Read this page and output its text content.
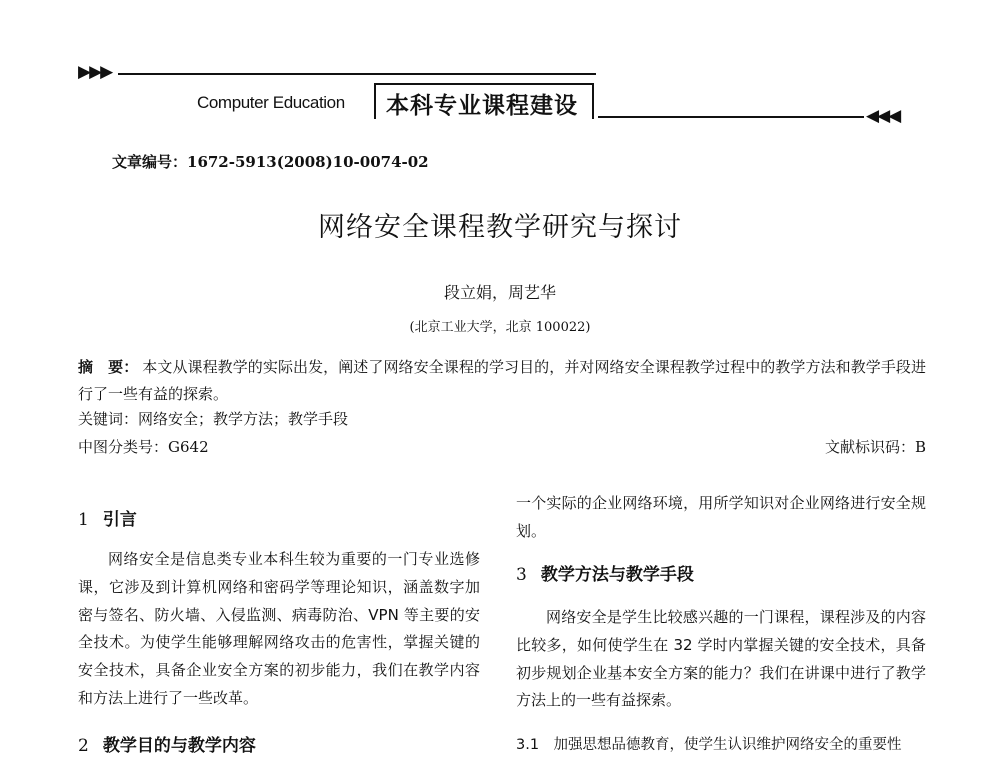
▶▶▶
Computer Education 本科专业课程建设	◀◀◀
文章编号：1672-5913(2008)10-0074-02
网络安全课程教学研究与探讨
段立娟，周艺华
(北京工业大学，北京 100022)
摘　要： 本文从课程教学的实际出发，阐述了网络安全课程的学习目的，并对网络安全课程教学过程中的教学方法和教学手段进行了一些有益的探索。
关键词：网络安全；教学方法；教学手段
中图分类号：G642	文献标识码：B
1 引言
网络安全是信息类专业本科生较为重要的一门专业选修课，它涉及到计算机网络和密码学等理论知识，涵盖数字加密与签名、防火墙、入侵监测、病毒防治、VPN 等主要的安全技术。为使学生能够理解网络攻击的危害性，掌握关键的安全技术，具备企业安全方案的初步能力，我们在教学内容和方法上进行了一些改革。
2 教学目的与教学内容
一个实际的企业网络环境，用所学知识对企业网络进行安全规划。
3 教学方法与教学手段
网络安全是学生比较感兴趣的一门课程，课程涉及的内容比较多，如何使学生在 32 学时内掌握关键的安全技术，具备初步规划企业基本安全方案的能力？我们在讲课中进行了教学方法上的一些有益探索。
3.1　加强思想品德教育，使学生认识维护网络安全的重要性
